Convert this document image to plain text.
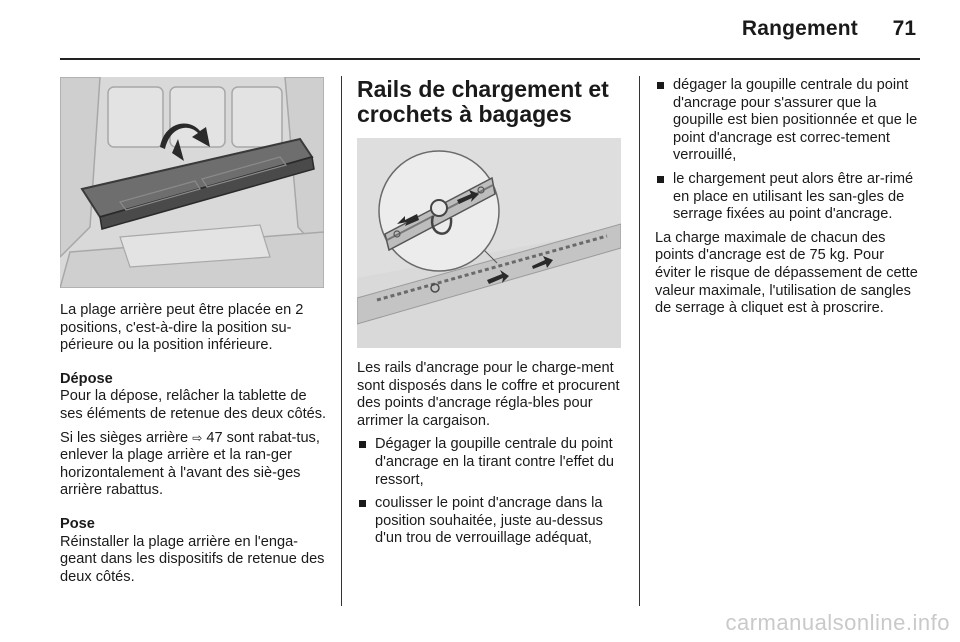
Rangement 71

La plage arrière peut être placée en 2 positions, c'est-à-dire la position su-périeure ou la position inférieure.

Dépose

Pour la dépose, relâcher la tablette de ses éléments de retenue des deux côtés.

Si les sièges arrière ⇨ 47 sont rabat-tus, enlever la plage arrière et la ran-ger horizontalement à l'avant des siè-ges arrière rabattus.

Pose

Réinstaller la plage arrière en l'enga-geant dans les dispositifs de retenue des deux côtés.

Rails de chargement et
crochets à bagages

Les rails d'ancrage pour le charge-ment sont disposés dans le coffre et procurent des points d'ancrage régla-bles pour arrimer la cargaison.

Dégager la goupille centrale du point d'ancrage en la tirant contre l'effet du ressort,
coulisser le point d'ancrage dans la position souhaitée, juste au-dessus d'un trou de verrouillage adéquat,
dégager la goupille centrale du point d'ancrage pour s'assurer que la goupille est bien positionnée et que le point d'ancrage est correc-tement verrouillé,
le chargement peut alors être ar-rimé en place en utilisant les san-gles de serrage fixées au point d'ancrage.

La charge maximale de chacun des points d'ancrage est de 75 kg. Pour éviter le risque de dépassement de cette valeur maximale, l'utilisation de sangles de serrage à cliquet est à proscrire.

carmanualsonline.info
